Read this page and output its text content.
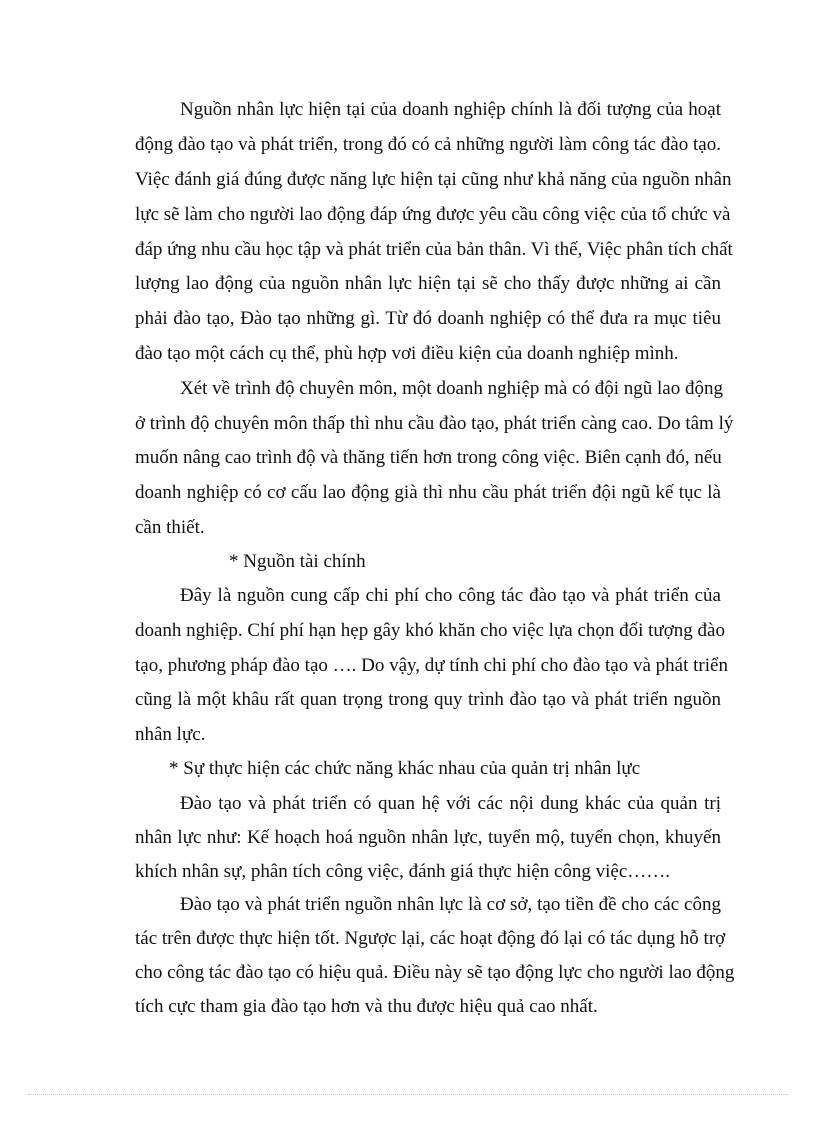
Nguồn nhân lực hiện tại của doanh nghiệp chính là đối tượng của hoạt
động đào tạo và phát triển, trong đó có cả những người làm công tác đào tạo.
Việc đánh giá đúng được năng lực hiện tại cũng như khả năng của nguồn nhân
lực sẽ làm cho người lao động đáp ứng được yêu cầu công việc của tổ chức và
đáp ứng nhu cầu học tập và phát triển của bản thân. Vì thế, Việc phân tích chất
lượng lao động của nguồn nhân lực hiện tại sẽ cho thấy được những ai cần
phải đào tạo, Đào tạo những gì. Từ đó doanh nghiệp có thể đưa ra mục tiêu
đào tạo một cách cụ thể, phù hợp vơi điều kiện của doanh nghiệp mình.
Xét về trình độ chuyên môn, một doanh nghiệp mà có đội ngũ lao động
ở trình độ chuyên môn thấp thì nhu cầu đào tạo, phát triển càng cao. Do tâm lý
muốn nâng cao trình độ và thăng tiến hơn trong công việc. Biên cạnh đó, nếu
doanh nghiệp có cơ cấu lao động già thì nhu cầu phát triển đội ngũ kế tục là
cần thiết.
* Nguồn tài chính
Đây là nguồn cung cấp chi phí cho công tác đào tạo và phát triển của
doanh nghiệp. Chí phí hạn hẹp gây khó khăn cho việc lựa chọn đối tượng đào
tạo, phương pháp đào tạo …. Do vậy, dự tính chi phí cho đào tạo và phát triển
cũng là một khâu rất quan trọng trong quy trình đào tạo và phát triển nguồn
nhân lực.
* Sự thực hiện các chức năng khác nhau của quản trị nhân lực
Đào tạo và phát triển có quan hệ với các nội dung khác của quản trị
nhân lực như: Kế hoạch hoá nguồn nhân lực, tuyển mộ, tuyển chọn, khuyến
khích nhân sự, phân tích công việc, đánh giá thực hiện công việc…….
Đào tạo và phát triển nguồn nhân lực là cơ sở, tạo tiền đề cho các công
tác trên được thực hiện tốt. Ngược lại, các hoạt động đó lại có tác dụng hỗ trợ
cho công tác đào tạo có hiệu quả. Điều này sẽ tạo động lực cho người lao động
tích cực tham gia đào tạo hơn và thu được hiệu quả cao nhất.
